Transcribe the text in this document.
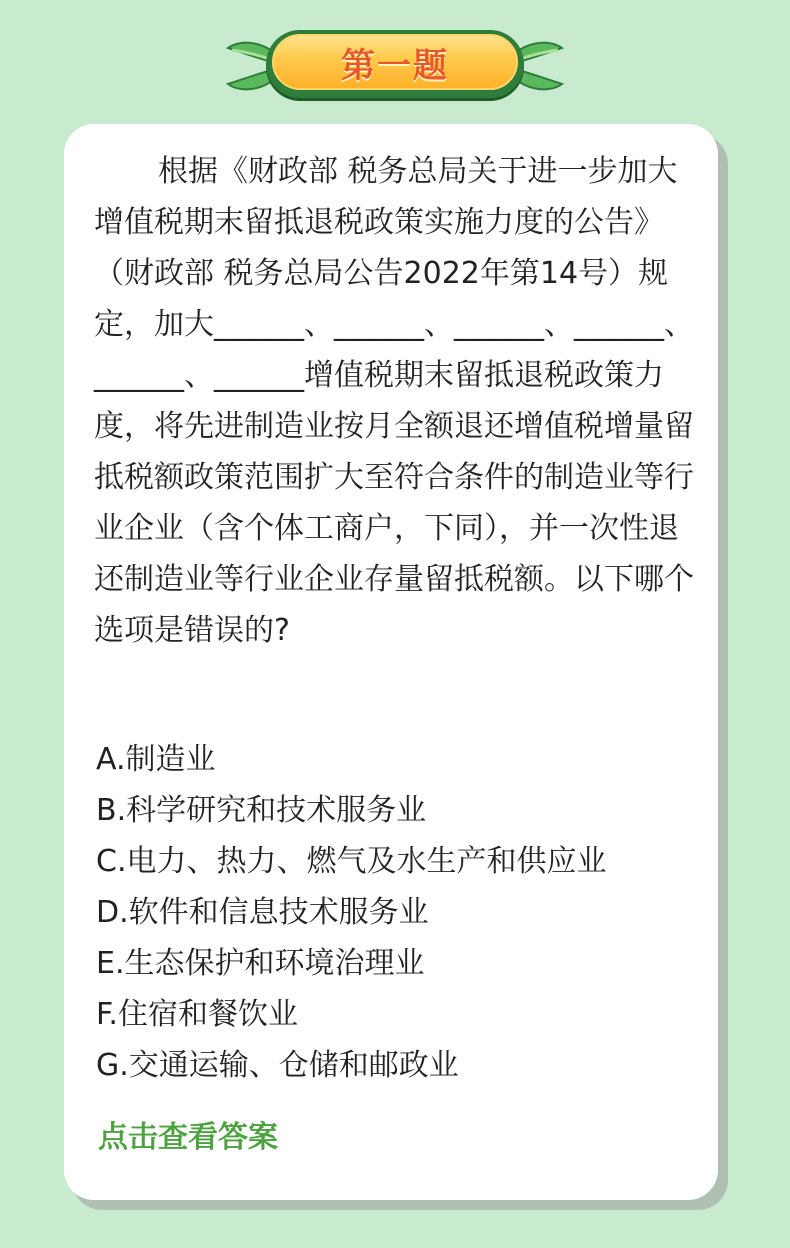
第一题

根据《财政部 税务总局关于进一步加大增值税期末留抵退税政策实施力度的公告》（财政部 税务总局公告2022年第14号）规定，加大______、______、______、______、______、______增值税期末留抵退税政策力度，将先进制造业按月全额退还增值税增量留抵税额政策范围扩大至符合条件的制造业等行业企业（含个体工商户，下同），并一次性退还制造业等行业企业存量留抵税额。以下哪个选项是错误的?

A.制造业
B.科学研究和技术服务业
C.电力、热力、燃气及水生产和供应业
D.软件和信息技术服务业
E.生态保护和环境治理业
F.住宿和餐饮业
G.交通运输、仓储和邮政业
点击查看答案
